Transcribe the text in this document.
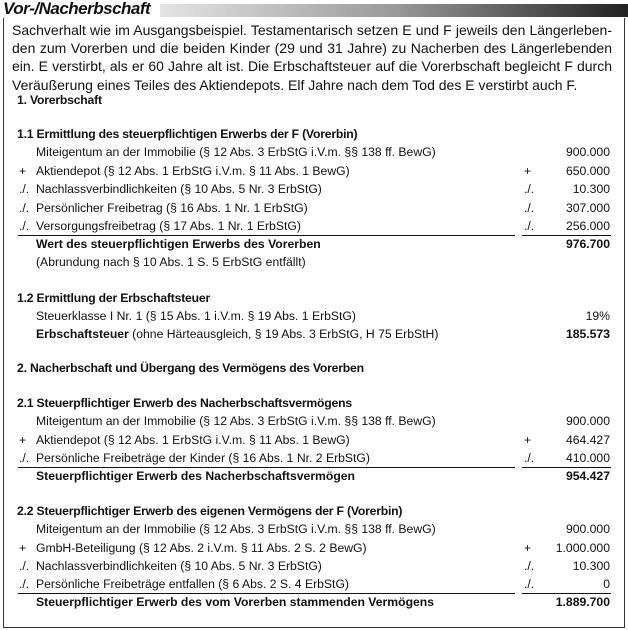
Vor-/Nacherbschaft
Sachverhalt wie im Ausgangsbeispiel. Testamentarisch setzen E und F jeweils den Längerleben-den zum Vorerben und die beiden Kinder (29 und 31 Jahre) zu Nacherben des Längerlebenden ein. E verstirbt, als er 60 Jahre alt ist. Die Erbschaftsteuer auf die Vorerbschaft begleicht F durch Veräußerung eines Teiles des Aktiendepots. Elf Jahre nach dem Tod des E verstirbt auch F.
1. Vorerbschaft
1.1 Ermittlung des steuerpflichtigen Erwerbs der F (Vorerbin)
Miteigentum an der Immobilie (§ 12 Abs. 3 ErbStG i.V.m. §§ 138 ff. BewG)	900.000
+ Aktiendepot (§ 12 Abs. 1 ErbStG i.V.m. § 11 Abs. 1 BewG)	+	650.000
./. Nachlassverbindlichkeiten (§ 10 Abs. 5 Nr. 3 ErbStG)	./.	10.300
./. Persönlicher Freibetrag (§ 16 Abs. 1 Nr. 1 ErbStG)	./.	307.000
./. Versorgungsfreibetrag (§ 17 Abs. 1 Nr. 1 ErbStG)	./.	256.000
Wert des steuerpflichtigen Erwerbs des Vorerben	976.700
(Abrundung nach § 10 Abs. 1 S. 5 ErbStG entfällt)
1.2 Ermittlung der Erbschaftsteuer
Steuerklasse I Nr. 1 (§ 15 Abs. 1 i.V.m. § 19 Abs. 1 ErbStG)	19%
Erbschaftsteuer (ohne Härteausgleich, § 19 Abs. 3 ErbStG, H 75 ErbStH)	185.573
2. Nacherbschaft und Übergang des Vermögens des Vorerben
2.1 Steuerpflichtiger Erwerb des Nacherbschaftsvermögens
Miteigentum an der Immobilie (§ 12 Abs. 3 ErbStG i.V.m. §§ 138 ff. BewG)	900.000
+ Aktiendepot (§ 12 Abs. 1 ErbStG i.V.m. § 11 Abs. 1 BewG)	+	464.427
./. Persönliche Freibeträge der Kinder (§ 16 Abs. 1 Nr. 2 ErbStG)	./.	410.000
Steuerpflichtiger Erwerb des Nacherbschaftsvermögen	954.427
2.2 Steuerpflichtiger Erwerb des eigenen Vermögens der F (Vorerbin)
Miteigentum an der Immobilie (§ 12 Abs. 3 ErbStG i.V.m. §§ 138 ff. BewG)	900.000
+ GmbH-Beteiligung (§ 12 Abs. 2 i.V.m. § 11 Abs. 2 S. 2 BewG)	+ 1.000.000
./. Nachlassverbindlichkeiten (§ 10 Abs. 5 Nr. 3 ErbStG)	./.	10.300
./. Persönliche Freibeträge entfallen (§ 6 Abs. 2 S. 4 ErbStG)	./.	0
Steuerpflichtiger Erwerb des vom Vorerben stammenden Vermögens	1.889.700
